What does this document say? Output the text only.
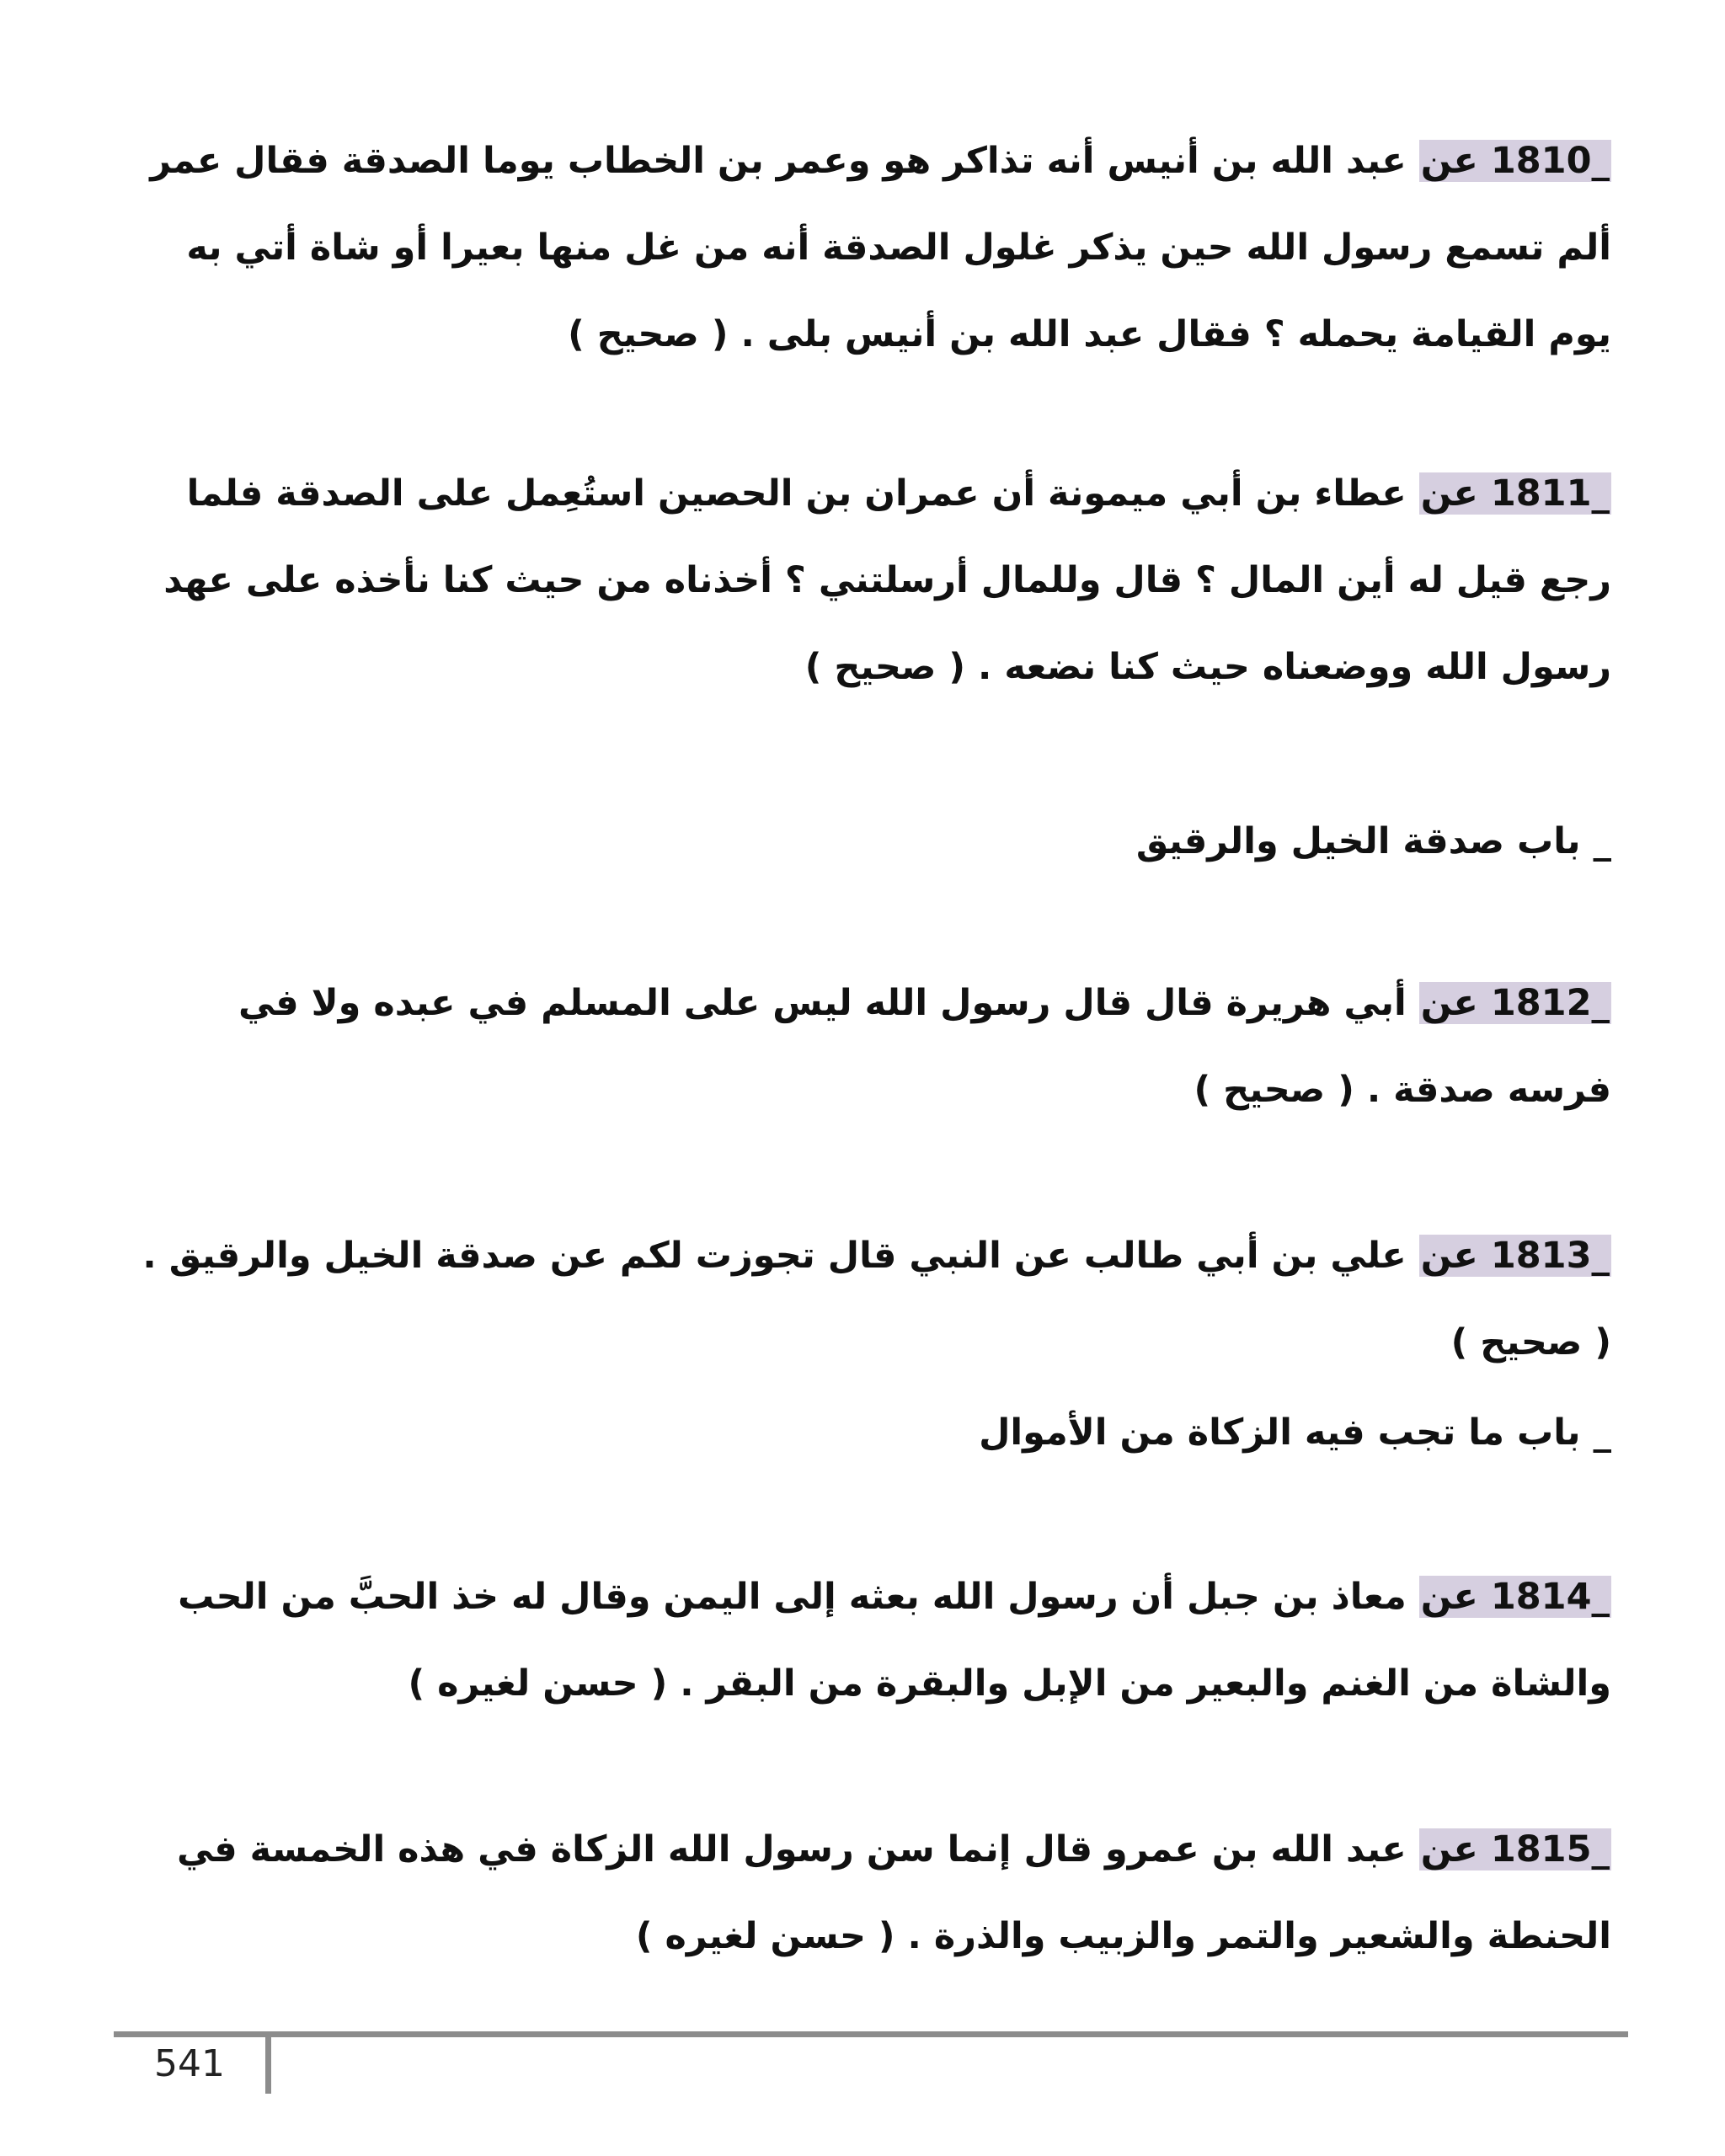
1810_ عن عبد الله بن أنيس أنه تذاكر هو وعمر بن الخطاب يوما الصدقة فقال عمر ألم تسمع رسول الله حين يذكر غلول الصدقة أنه من غل منها بعيرا أو شاة أتي به يوم القيامة يحمله ؟ فقال عبد الله بن أنيس بلى . ( صحيح )

1811_ عن عطاء بن أبي ميمونة أن عمران بن الحصين استُعِمل على الصدقة فلما رجع قيل له أين المال ؟ قال وللمال أرسلتني ؟ أخذناه من حيث كنا نأخذه على عهد رسول الله ووضعناه حيث كنا نضعه . ( صحيح )

_ باب صدقة الخيل والرقيق

1812_ عن أبي هريرة قال قال رسول الله ليس على المسلم في عبده ولا في فرسه صدقة . ( صحيح )

1813_ عن علي بن أبي طالب عن النبي قال تجوزت لكم عن صدقة الخيل والرقيق . ( صحيح )

_ باب ما تجب فيه الزكاة من الأموال

1814_ عن معاذ بن جبل أن رسول الله بعثه إلى اليمن وقال له خذ الحبَّ من الحب والشاة من الغنم والبعير من الإبل والبقرة من البقر . ( حسن لغيره )

1815_ عن عبد الله بن عمرو قال إنما سن رسول الله الزكاة في هذه الخمسة في الحنطة والشعير والتمر والزبيب والذرة . ( حسن لغيره )

541
